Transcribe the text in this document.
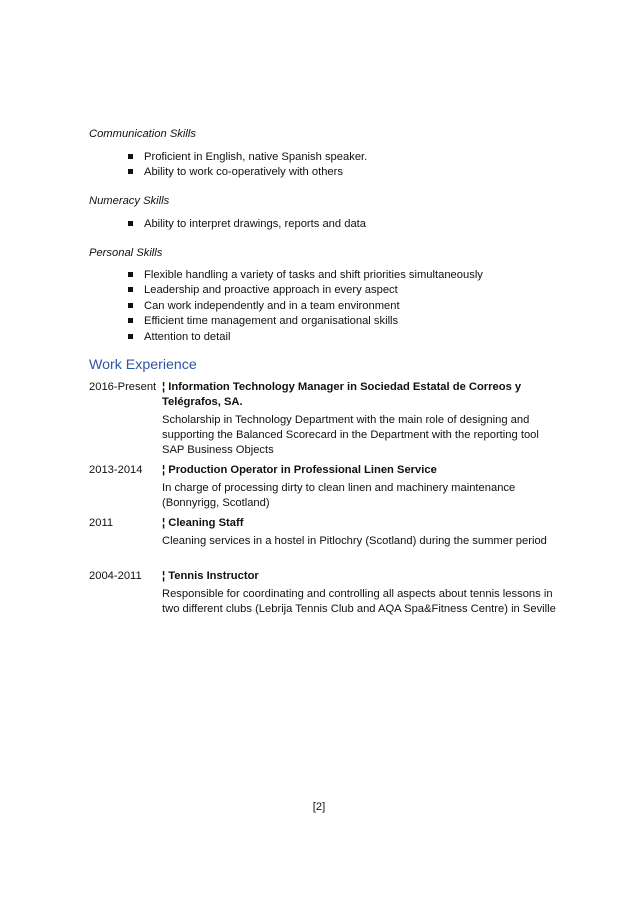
Communication Skills

Proficient in English, native Spanish speaker.
Ability to work co-operatively with others

Numeracy Skills

Ability to interpret drawings, reports and data

Personal Skills

Flexible handling a variety of tasks and shift priorities simultaneously
Leadership and proactive approach in every aspect
Can work independently and in a team environment
Efficient time management and organisational skills
Attention to detail
Work Experience
2016-Present ¦ Information Technology Manager in Sociedad Estatal de Correos y Telégrafos, SA.
Scholarship in Technology Department with the main role of designing and supporting the Balanced Scorecard in the Department with the reporting tool SAP Business Objects
2013-2014	¦ Production Operator in Professional Linen Service
In charge of processing dirty to clean linen and machinery maintenance (Bonnyrigg, Scotland)
2011	¦ Cleaning Staff
Cleaning services in a hostel in Pitlochry (Scotland) during the summer period
2004-2011	¦ Tennis Instructor
Responsible for coordinating and controlling all aspects about tennis lessons in two different clubs (Lebrija Tennis Club and AQA Spa&Fitness Centre) in Seville
[2]
